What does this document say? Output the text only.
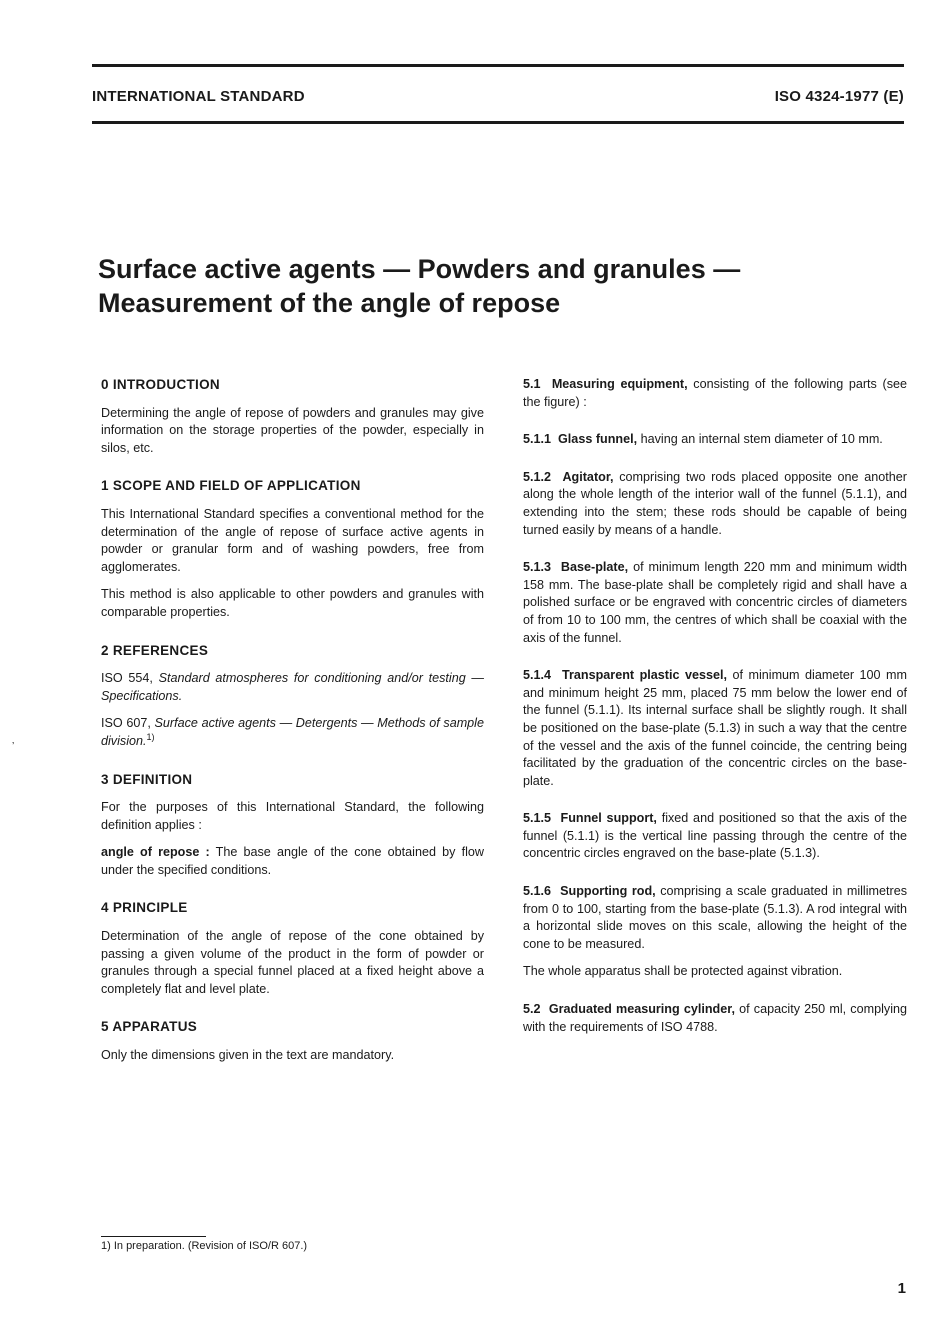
INTERNATIONAL STANDARD	ISO 4324-1977 (E)
Surface active agents — Powders and granules — Measurement of the angle of repose
’

0 INTRODUCTION

Determining the angle of repose of powders and granules may give information on the storage properties of the powder, especially in silos, etc.

1 SCOPE AND FIELD OF APPLICATION

This International Standard specifies a conventional method for the determination of the angle of repose of surface active agents in powder or granular form and of washing powders, free from agglomerates.

This method is also applicable to other powders and granules with comparable properties.

2 REFERENCES

ISO 554, Standard atmospheres for conditioning and/or testing — Specifications.

ISO 607, Surface active agents — Detergents — Methods of sample division.$^{1)}$

3 DEFINITION

For the purposes of this International Standard, the following definition applies :

angle of repose : The base angle of the cone obtained by flow under the specified conditions.

4 PRINCIPLE

Determination of the angle of repose of the cone obtained by passing a given volume of the product in the form of powder or granules through a special funnel placed at a fixed height above a completely flat and level plate.

5 APPARATUS

Only the dimensions given in the text are mandatory.

5.1 Measuring equipment, consisting of the following parts (see the figure) :

5.1.1 Glass funnel, having an internal stem diameter of 10 mm.

5.1.2 Agitator, comprising two rods placed opposite one another along the whole length of the interior wall of the funnel (5.1.1), and extending into the stem; these rods should be capable of being turned easily by means of a handle.

5.1.3 Base-plate, of minimum length 220 mm and minimum width 158 mm. The base-plate shall be completely rigid and shall have a polished surface or be engraved with concentric circles of diameters of from 10 to 100 mm, the centres of which shall be coaxial with the axis of the funnel.

5.1.4 Transparent plastic vessel, of minimum diameter 100 mm and minimum height 25 mm, placed 75 mm below the lower end of the funnel (5.1.1). Its internal surface shall be slightly rough. It shall be positioned on the base-plate (5.1.3) in such a way that the centre of the vessel and the axis of the funnel coincide, the centring being facilitated by the graduation of the concentric circles on the base-plate.

5.1.5 Funnel support, fixed and positioned so that the axis of the funnel (5.1.1) is the vertical line passing through the centre of the concentric circles engraved on the base-plate (5.1.3).

5.1.6 Supporting rod, comprising a scale graduated in millimetres from 0 to 100, starting from the base-plate (5.1.3). A rod integral with a horizontal slide moves on this scale, allowing the height of the cone to be measured.

The whole apparatus shall be protected against vibration.

5.2 Graduated measuring cylinder, of capacity 250 ml, complying with the requirements of ISO 4788.

1) In preparation. (Revision of ISO/R 607.)
1
